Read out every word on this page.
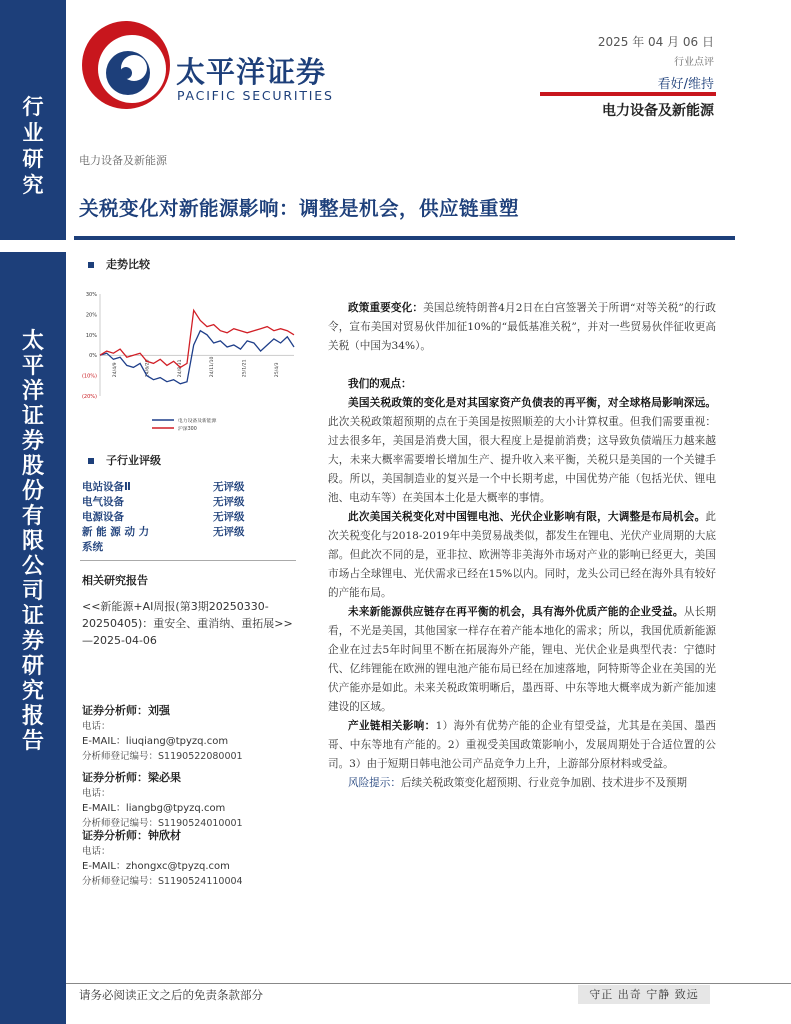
行
业
研
究
太
平
洋
证
券
股
份
有
限
公
司
证
券
研
究
报
告
太平洋证券
PACIFIC SECURITIES
2025 年 04 月 06 日
行业点评
看好/维持
电力设备及新能源
电力设备及新能源
关税变化对新能源影响：调整是机会，供应链重塑
走势比较
30%
20%
10%
0%
(10%)
(20%)
24/4/9	24/6/20	24/8/31	24/11/10	25/1/21	25/4/3
电力设备及新能源
沪深300
子行业评级
电站设备Ⅱ	无评级
电气设备	无评级
电源设备	无评级
新 能 源 动 力	无评级
系统
相关研究报告
<<新能源+AI周报(第3期20250330-20250405)：重安全、重消纳、重拓展>>—2025-04-06
证券分析师：刘强
电话：
E-MAIL：liuqiang@tpyzq.com
分析师登记编号：S1190522080001
证券分析师：梁必果
电话：
E-MAIL：liangbg@tpyzq.com
分析师登记编号：S1190524010001
证券分析师：钟欣材
电话：
E-MAIL：zhongxc@tpyzq.com
分析师登记编号：S1190524110004

政策重要变化：美国总统特朗普4月2日在白宫签署关于所谓“对等关税”的行政令，宣布美国对贸易伙伴加征10%的“最低基准关税”，并对一些贸易伙伴征收更高关税（中国为34%）。

我们的观点：

美国关税政策的变化是对其国家资产负债表的再平衡，对全球格局影响深远。此次关税政策超预期的点在于美国是按照顺差的大小计算权重。但我们需要重视：过去很多年，美国是消费大国，很大程度上是提前消费；这导致负债端压力越来越大，未来大概率需要增长增加生产、提升收入来平衡，关税只是美国的一个关键手段。所以，美国制造业的复兴是一个中长期考虑，中国优势产能（包括光伏、锂电池、电动车等）在美国本土化是大概率的事情。

此次美国关税变化对中国锂电池、光伏企业影响有限，大调整是布局机会。此次关税变化与2018-2019年中美贸易战类似，都发生在锂电、光伏产业周期的大底部。但此次不同的是，亚非拉、欧洲等非美海外市场对产业的影响已经更大，美国市场占全球锂电、光伏需求已经在15%以内。同时，龙头公司已经在海外具有较好的产能布局。

未来新能源供应链存在再平衡的机会，具有海外优质产能的企业受益。从长期看，不光是美国，其他国家一样存在着产能本地化的需求；所以，我国优质新能源企业在过去5年时间里不断在拓展海外产能，锂电、光伏企业是典型代表：宁德时代、亿纬锂能在欧洲的锂电池产能布局已经在加速落地，阿特斯等企业在美国的光伏产能亦是如此。未来关税政策明晰后，墨西哥、中东等地大概率成为新产能加速建设的区域。

产业链相关影响：1）海外有优势产能的企业有望受益，尤其是在美国、墨西哥、中东等地有产能的。2）重视受美国政策影响小，发展周期处于合适位置的公司。3）由于短期日韩电池公司产品竞争力上升，上游部分原材料或受益。

风险提示：后续关税政策变化超预期、行业竞争加剧、技术进步不及预期

请务必阅读正文之后的免责条款部分	守正 出奇 宁静 致远
